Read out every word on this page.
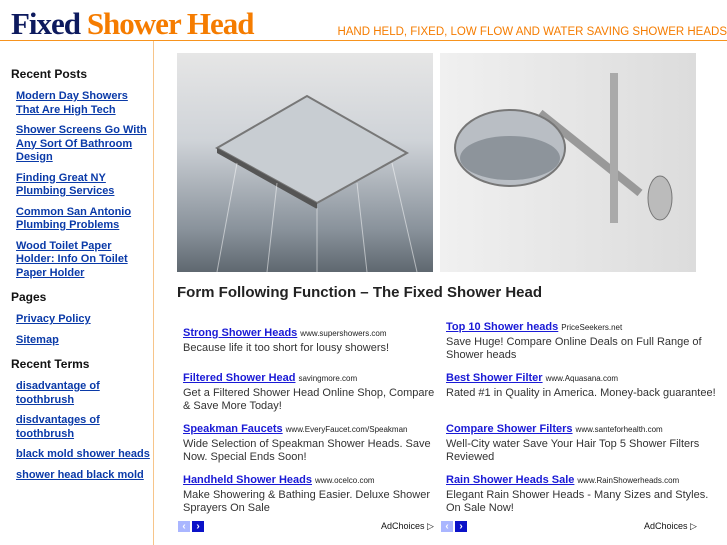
Fixed Shower Head	HAND HELD, FIXED, LOW FLOW AND WATER SAVING SHOWER HEADS
Recent Posts
Modern Day Showers That Are High Tech
Shower Screens Go With Any Sort Of Bathroom Design
Finding Great NY Plumbing Services
Common San Antonio Plumbing Problems
Wood Toilet Paper Holder: Info On Toilet Paper Holder
Pages
Privacy Policy
Sitemap
Recent Terms
disadvantage of toothbrush
disdvantages of toothbrush
black mold shower heads
shower head black mold
Form Following Function – The Fixed Shower Head
Strong Shower Heads www.supershowers.com

Because life it too short for lousy showers!

Filtered Shower Head savingmore.com

Get a Filtered Shower Head Online Shop, Compare & Save More Today!

Speakman Faucets www.EveryFaucet.com/Speakman

Wide Selection of Speakman Shower Heads. Save Now. Special Ends Soon!

Handheld Shower Heads www.ocelco.com

Make Showering & Bathing Easier. Deluxe Shower Sprayers On Sale

Top 10 Shower heads PriceSeekers.net

Save Huge! Compare Online Deals on Full Range of Shower heads

Best Shower Filter www.Aquasana.com

Rated #1 in Quality in America. Money-back guarantee!

Compare Shower Filters www.santeforhealth.com

Well-City water Save Your Hair Top 5 Shower Filters Reviewed

Rain Shower Heads Sale www.RainShowerheads.com

Elegant Rain Shower Heads - Many Sizes and Styles. On Sale Now!

‹	›	AdChoices ▷	‹	›	AdChoices ▷
